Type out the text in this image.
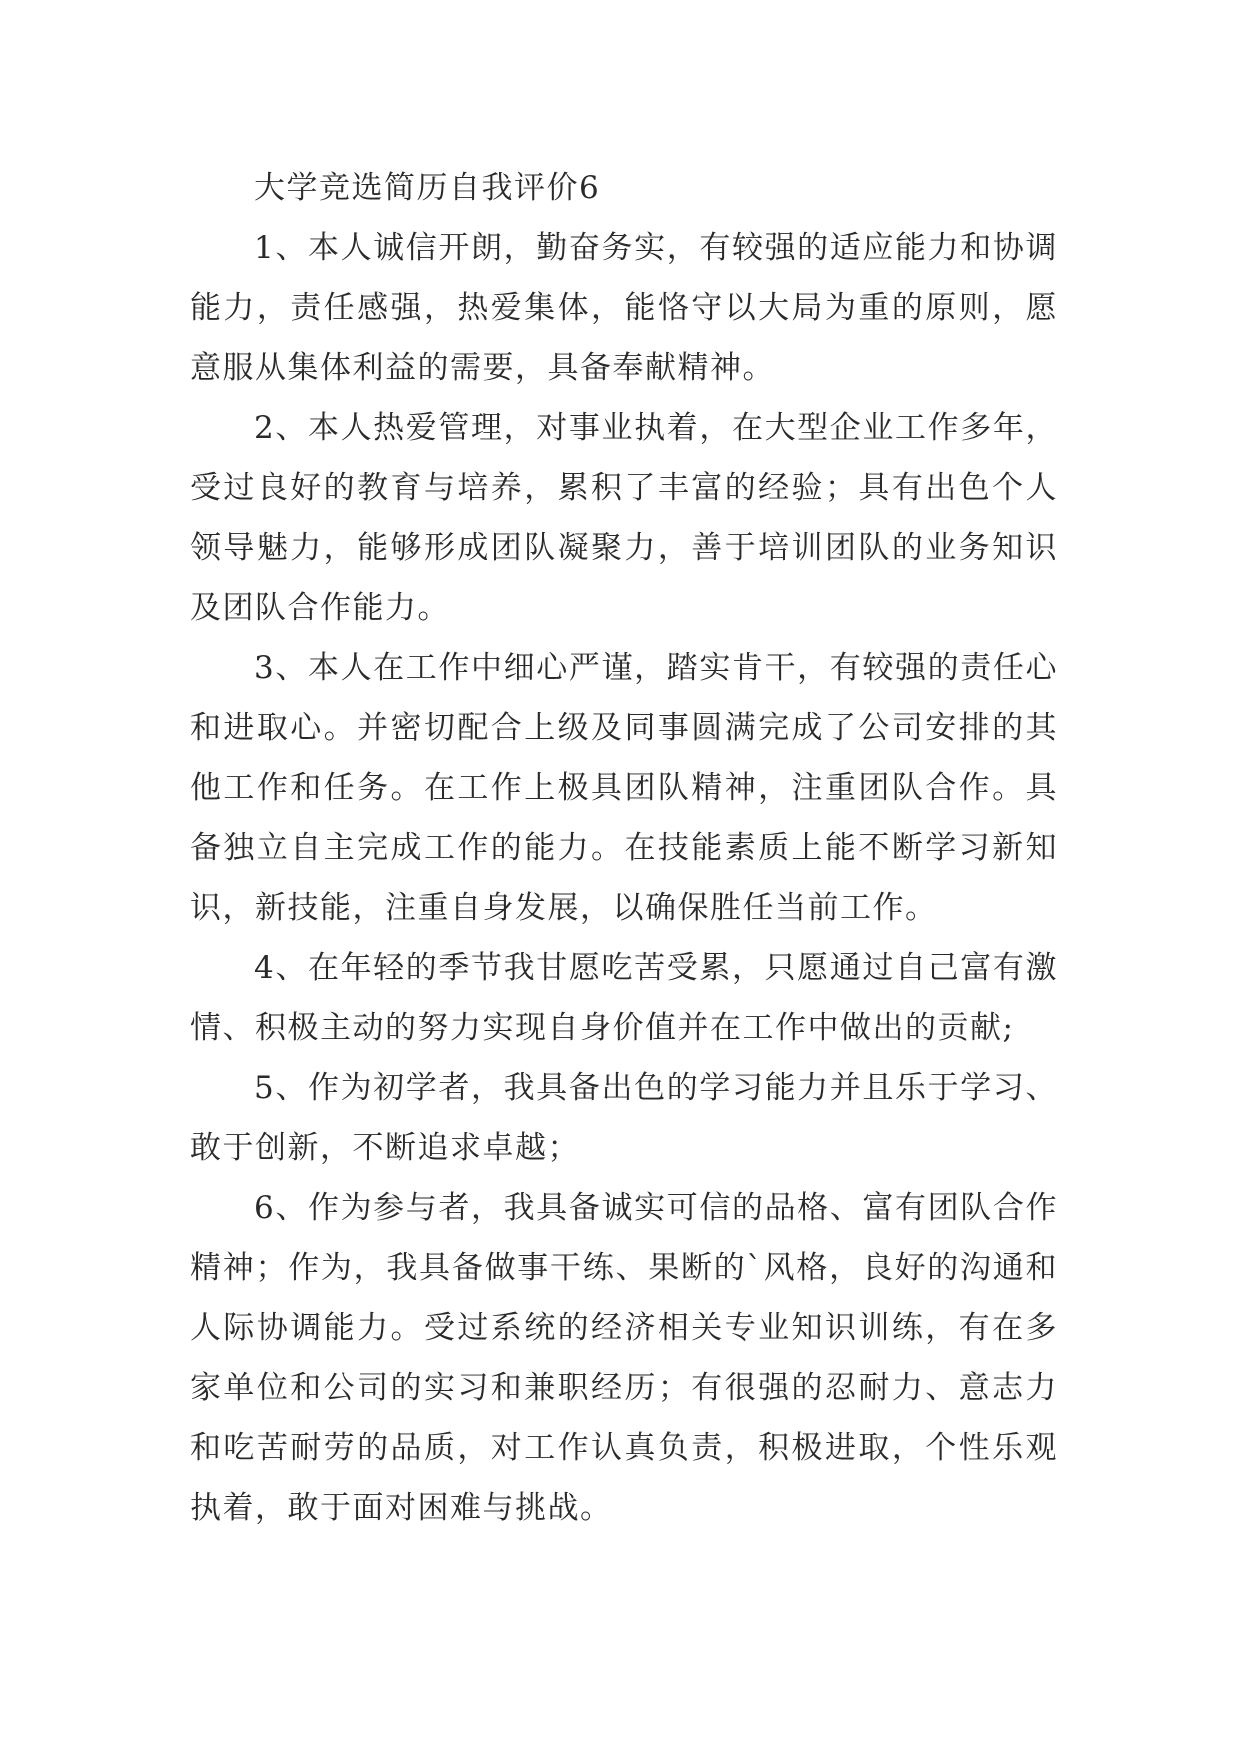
大学竞选简历自我评价6

1、本人诚信开朗，勤奋务实，有较强的适应能力和协调能力，责任感强，热爱集体，能恪守以大局为重的原则，愿意服从集体利益的需要，具备奉献精神。

2、本人热爱管理，对事业执着，在大型企业工作多年，受过良好的教育与培养，累积了丰富的经验；具有出色个人领导魅力，能够形成团队凝聚力，善于培训团队的业务知识及团队合作能力。

3、本人在工作中细心严谨，踏实肯干，有较强的责任心和进取心。并密切配合上级及同事圆满完成了公司安排的其他工作和任务。在工作上极具团队精神，注重团队合作。具备独立自主完成工作的能力。在技能素质上能不断学习新知识，新技能，注重自身发展，以确保胜任当前工作。

4、在年轻的季节我甘愿吃苦受累，只愿通过自己富有激情、积极主动的努力实现自身价值并在工作中做出的贡献;

5、作为初学者，我具备出色的学习能力并且乐于学习、敢于创新，不断追求卓越；

6、作为参与者，我具备诚实可信的品格、富有团队合作精神；作为，我具备做事干练、果断的`风格，良好的沟通和人际协调能力。受过系统的经济相关专业知识训练，有在多家单位和公司的实习和兼职经历；有很强的忍耐力、意志力和吃苦耐劳的品质，对工作认真负责，积极进取，个性乐观执着，敢于面对困难与挑战。
